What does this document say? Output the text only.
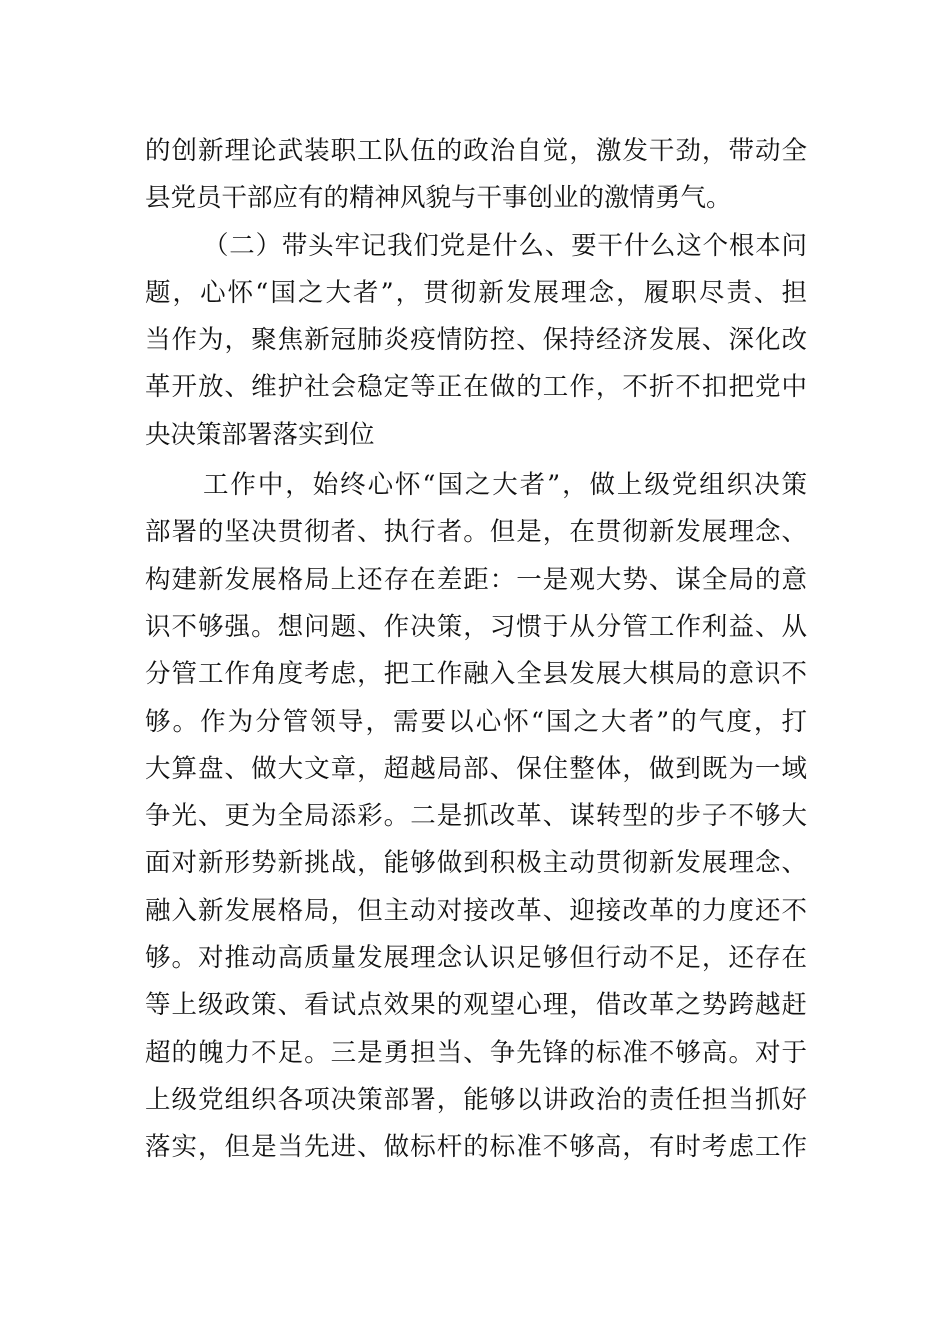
的创新理论武装职工队伍的政治自觉，激发干劲，带动全
县党员干部应有的精神风貌与干事创业的激情勇气。
（二）带头牢记我们党是什么、要干什么这个根本问
题，心怀“国之大者”，贯彻新发展理念，履职尽责、担
当作为，聚焦新冠肺炎疫情防控、保持经济发展、深化改
革开放、维护社会稳定等正在做的工作，不折不扣把党中
央决策部署落实到位
工作中，始终心怀“国之大者”，做上级党组织决策
部署的坚决贯彻者、执行者。但是，在贯彻新发展理念、
构建新发展格局上还存在差距：一是观大势、谋全局的意
识不够强。想问题、作决策，习惯于从分管工作利益、从
分管工作角度考虑，把工作融入全县发展大棋局的意识不
够。作为分管领导，需要以心怀“国之大者”的气度，打
大算盘、做大文章，超越局部、保住整体，做到既为一域
争光、更为全局添彩。二是抓改革、谋转型的步子不够大
面对新形势新挑战，能够做到积极主动贯彻新发展理念、
融入新发展格局，但主动对接改革、迎接改革的力度还不
够。对推动高质量发展理念认识足够但行动不足，还存在
等上级政策、看试点效果的观望心理，借改革之势跨越赶
超的魄力不足。三是勇担当、争先锋的标准不够高。对于
上级党组织各项决策部署，能够以讲政治的责任担当抓好
落实，但是当先进、做标杆的标准不够高，有时考虑工作
